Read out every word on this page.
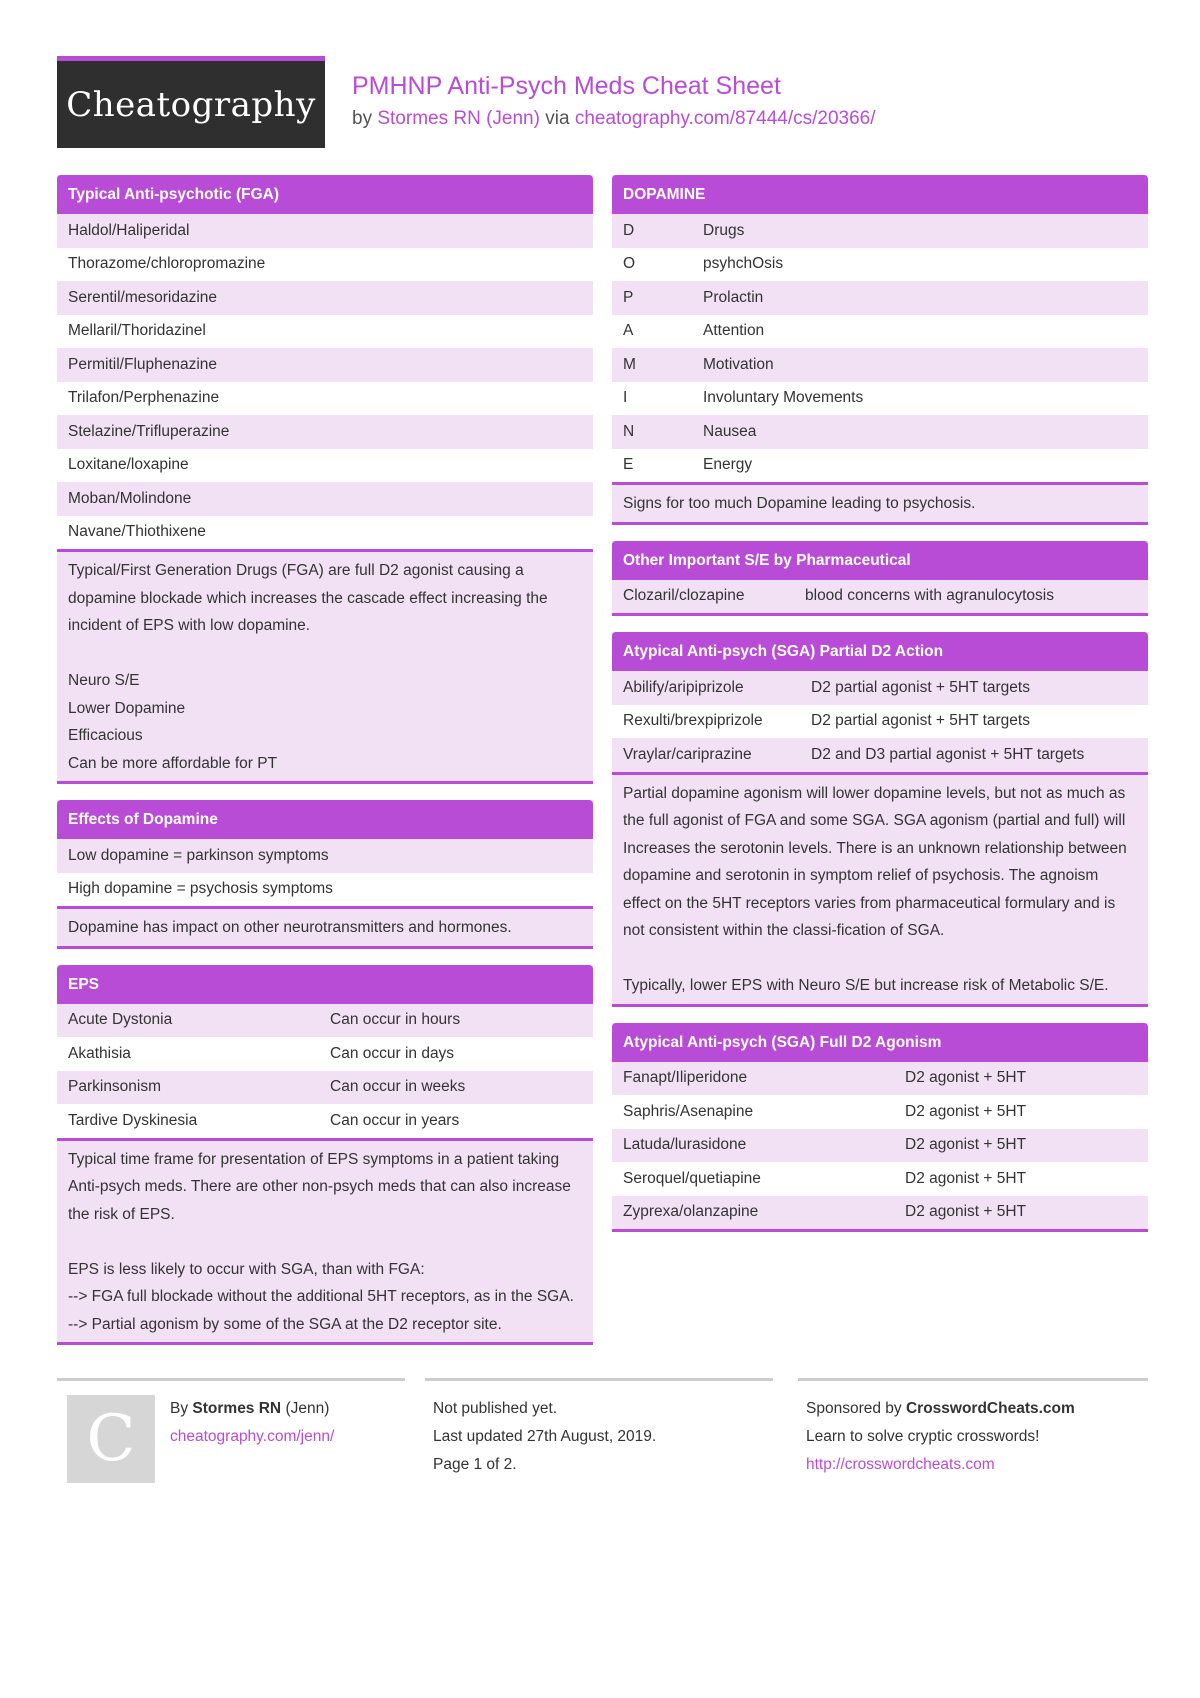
Cheatography PMHNP Anti-Psych Meds Cheat Sheet
by Stormes RN (Jenn) via cheatography.com/87444/cs/20366/
Typical Anti-psychotic (FGA)
Haldol/Haliperidal
Thorazome/chloropromazine
Serentil/mesoridazine
Mellaril/Thoridazinel
Permitil/Fluphenazine
Trilafon/Perphenazine
Stelazine/Trifluperazine
Loxitane/loxapine
Moban/Molindone
Navane/Thiothixene

Typical/First Generation Drugs (FGA) are full D2 agonist causing a dopamine blockade which increases the cascade effect increasing the incident of EPS with low dopamine.

Neuro S/E

Lower Dopamine

Efficacious

Can be more affordable for PT

Effects of Dopamine
Low dopamine = parkinson symptoms
High dopamine = psychosis symptoms

Dopamine has impact on other neurotransmitters and hormones.

EPS
Acute Dystonia	Can occur in hours
Akathisia	Can occur in days
Parkinsonism	Can occur in weeks
Tardive Dyskinesia	Can occur in years

Typical time frame for presentation of EPS symptoms in a patient taking Anti-psych meds. There are other non-psych meds that can also increase the risk of EPS.

EPS is less likely to occur with SGA, than with FGA:

--> FGA full blockade without the additional 5HT receptors, as in the SGA.

--> Partial agonism by some of the SGA at the D2 receptor site.

DOPAMINE
D	Drugs
O	psyhchOsis
P	Prolactin
A	Attention
M	Motivation
I	Involuntary Movements
N	Nausea
E	Energy

Signs for too much Dopamine leading to psychosis.

Other Important S/E by Pharmaceutical
Clozaril/clozapine	blood concerns with agranulocytosis
Atypical Anti-psych (SGA) Partial D2 Action
Abilify/aripiprizole	D2 partial agonist + 5HT targets
Rexulti/brexpiprizole	D2 partial agonist + 5HT targets
Vraylar/cariprazine	D2 and D3 partial agonist + 5HT targets

Partial dopamine agonism will lower dopamine levels, but not as much as the full agonist of FGA and some SGA. SGA agonism (partial and full) will Increases the serotonin levels. There is an unknown relationship between dopamine and serotonin in symptom relief of psychosis. The agnoism effect on the 5HT receptors varies from pharmaceutical formulary and is not consistent within the classi-fication of SGA.

Typically, lower EPS with Neuro S/E but increase risk of Metabolic S/E.

Atypical Anti-psych (SGA) Full D2 Agonism
Fanapt/Iliperidone	D2 agonist + 5HT
Saphris/Asenapine	D2 agonist + 5HT
Latuda/lurasidone	D2 agonist + 5HT
Seroquel/quetiapine	D2 agonist + 5HT
Zyprexa/olanzapine	D2 agonist + 5HT
C By Stormes RN (Jenn)
cheatography.com/jenn/
Not published yet.
Last updated 27th August, 2019.
Page 1 of 2.
Sponsored by CrosswordCheats.com
Learn to solve cryptic crosswords!
http://crosswordcheats.com
